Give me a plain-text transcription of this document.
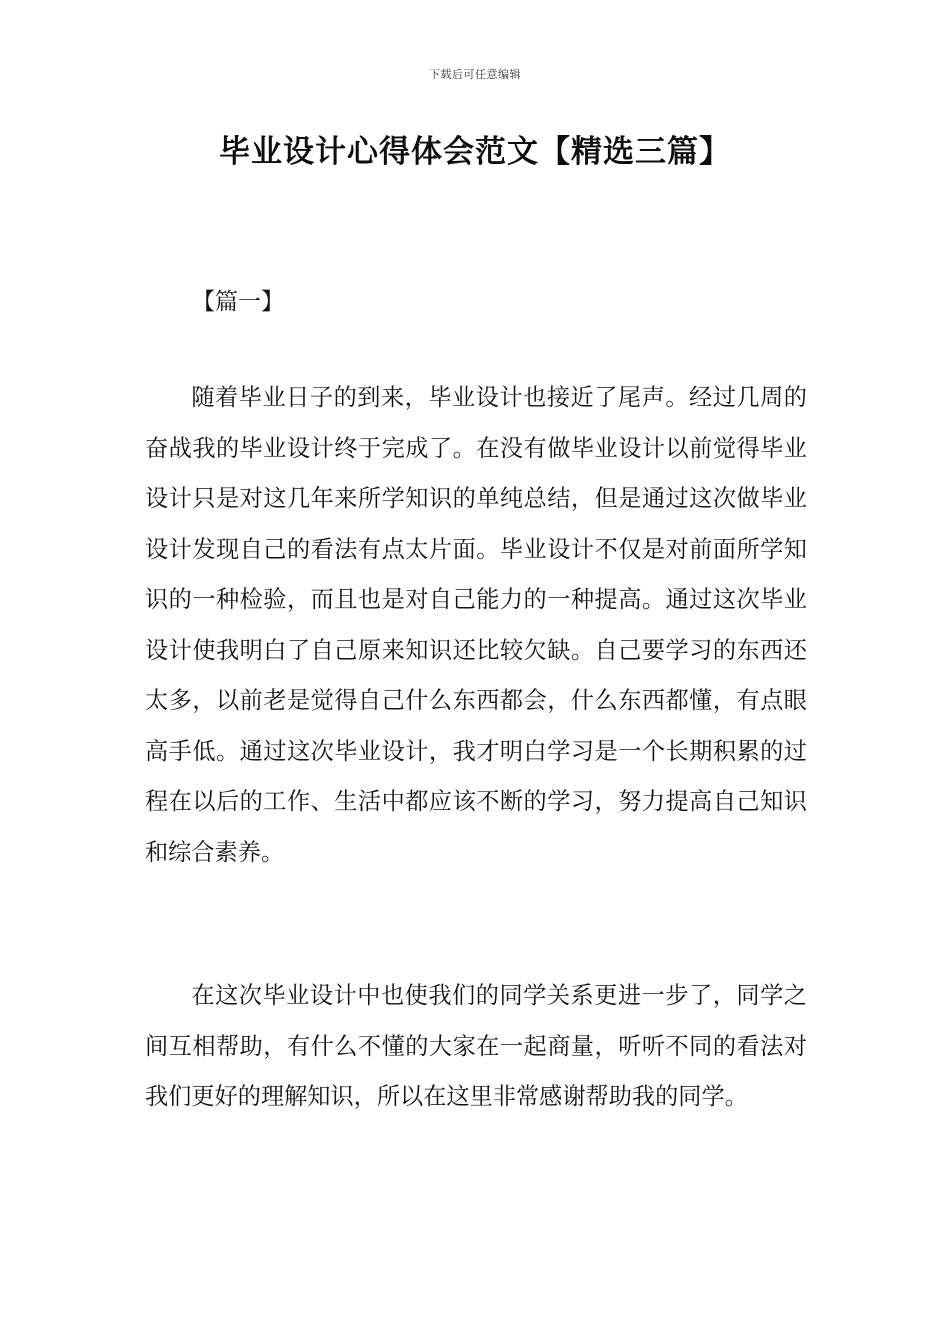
下载后可任意编辑
毕业设计心得体会范文【精选三篇】
【篇一】

随着毕业日子的到来，毕业设计也接近了尾声。经过几周的奋战我的毕业设计终于完成了。在没有做毕业设计以前觉得毕业设计只是对这几年来所学知识的单纯总结，但是通过这次做毕业设计发现自己的看法有点太片面。毕业设计不仅是对前面所学知识的一种检验，而且也是对自己能力的一种提高。通过这次毕业设计使我明白了自己原来知识还比较欠缺。自己要学习的东西还太多，以前老是觉得自己什么东西都会，什么东西都懂，有点眼高手低。通过这次毕业设计，我才明白学习是一个长期积累的过程在以后的工作、生活中都应该不断的学习，努力提高自己知识和综合素养。

在这次毕业设计中也使我们的同学关系更进一步了，同学之间互相帮助，有什么不懂的大家在一起商量，听听不同的看法对我们更好的理解知识，所以在这里非常感谢帮助我的同学。
